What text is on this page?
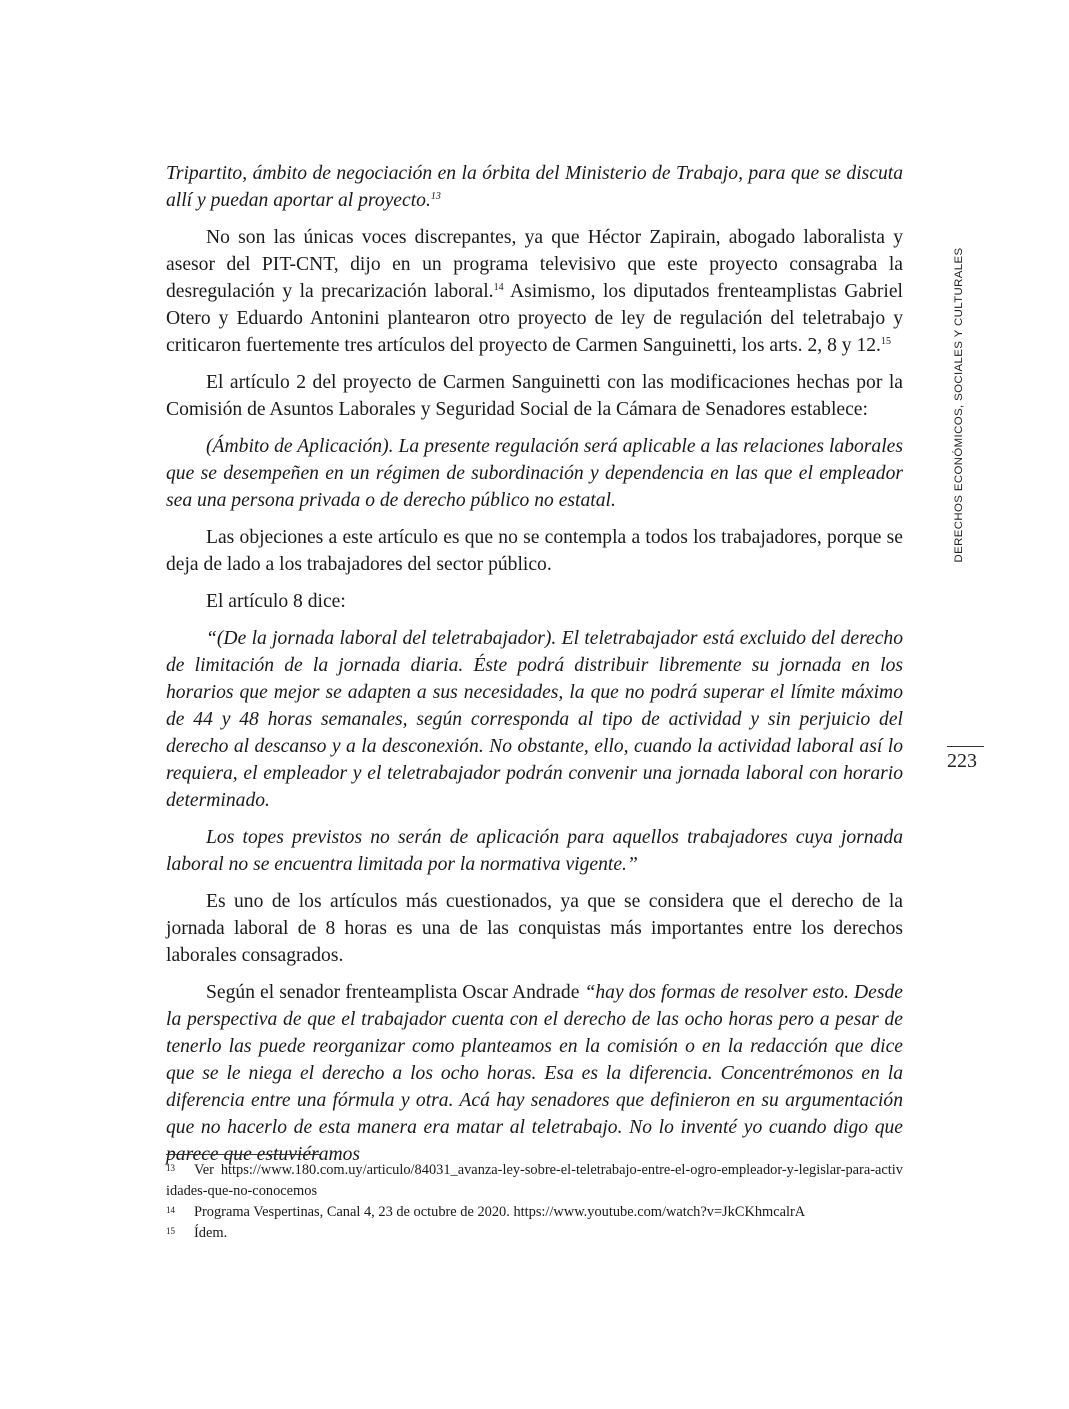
Tripartito, ámbito de negociación en la órbita del Ministerio de Trabajo, para que se discuta allí y puedan aportar al proyecto.$^{13}$

No son las únicas voces discrepantes, ya que Héctor Zapirain, abogado laboralista y asesor del PIT-CNT, dijo en un programa televisivo que este proyecto consagraba la desregulación y la precarización laboral.$^{14}$ Asimismo, los diputados frenteamplistas Gabriel Otero y Eduardo Antonini plantearon otro proyecto de ley de regulación del teletrabajo y criticaron fuertemente tres artículos del proyecto de Carmen Sanguinetti, los arts. 2, 8 y 12.15

El artículo 2 del proyecto de Carmen Sanguinetti con las modificaciones hechas por la Comisión de Asuntos Laborales y Seguridad Social de la Cámara de Senadores establece:

(Ámbito de Aplicación). La presente regulación será aplicable a las relaciones laborales que se desempeñen en un régimen de subordinación y dependencia en las que el empleador sea una persona privada o de derecho público no estatal.

Las objeciones a este artículo es que no se contempla a todos los trabajadores, porque se deja de lado a los trabajadores del sector público.

El artículo 8 dice:

“(De la jornada laboral del teletrabajador). El teletrabajador está excluido del derecho de limitación de la jornada diaria. Éste podrá distribuir libremente su jornada en los horarios que mejor se adapten a sus necesidades, la que no podrá superar el límite máximo de 44 y 48 horas semanales, según corresponda al tipo de actividad y sin perjuicio del derecho al descanso y a la desconexión. No obstante, ello, cuando la actividad laboral así lo requiera, el empleador y el teletrabajador podrán convenir una jornada laboral con horario determinado.

Los topes previstos no serán de aplicación para aquellos trabajadores cuya jornada laboral no se encuentra limitada por la normativa vigente.”

Es uno de los artículos más cuestionados, ya que se considera que el derecho de la jornada laboral de 8 horas es una de las conquistas más importantes entre los derechos laborales consagrados.

Según el senador frenteamplista Oscar Andrade “hay dos formas de resolver esto. Desde la perspectiva de que el trabajador cuenta con el derecho de las ocho horas pero a pesar de tenerlo las puede reorganizar como planteamos en la comisión o en la redacción que dice que se le niega el derecho a los ocho horas. Esa es la diferencia. Concentrémonos en la diferencia entre una fórmula y otra. Acá hay senadores que definieron en su argumentación que no hacerlo de esta manera era matar al teletrabajo. No lo inventé yo cuando digo que parece que estuviéramos

DERECHOS ECONÓMICOS, SOCIALES Y CULTURALES
223
13	Ver https://www.180.com.uy/articulo/84031_avanza-ley-sobre-el-teletrabajo-entre-el-ogro-empleador-y-legislar-para-actividades-que-no-conocemos
14 Programa Vespertinas, Canal 4, 23 de octubre de 2020. https://www.youtube.com/watch?v=JkCKhmcalrA
15 Ídem.
